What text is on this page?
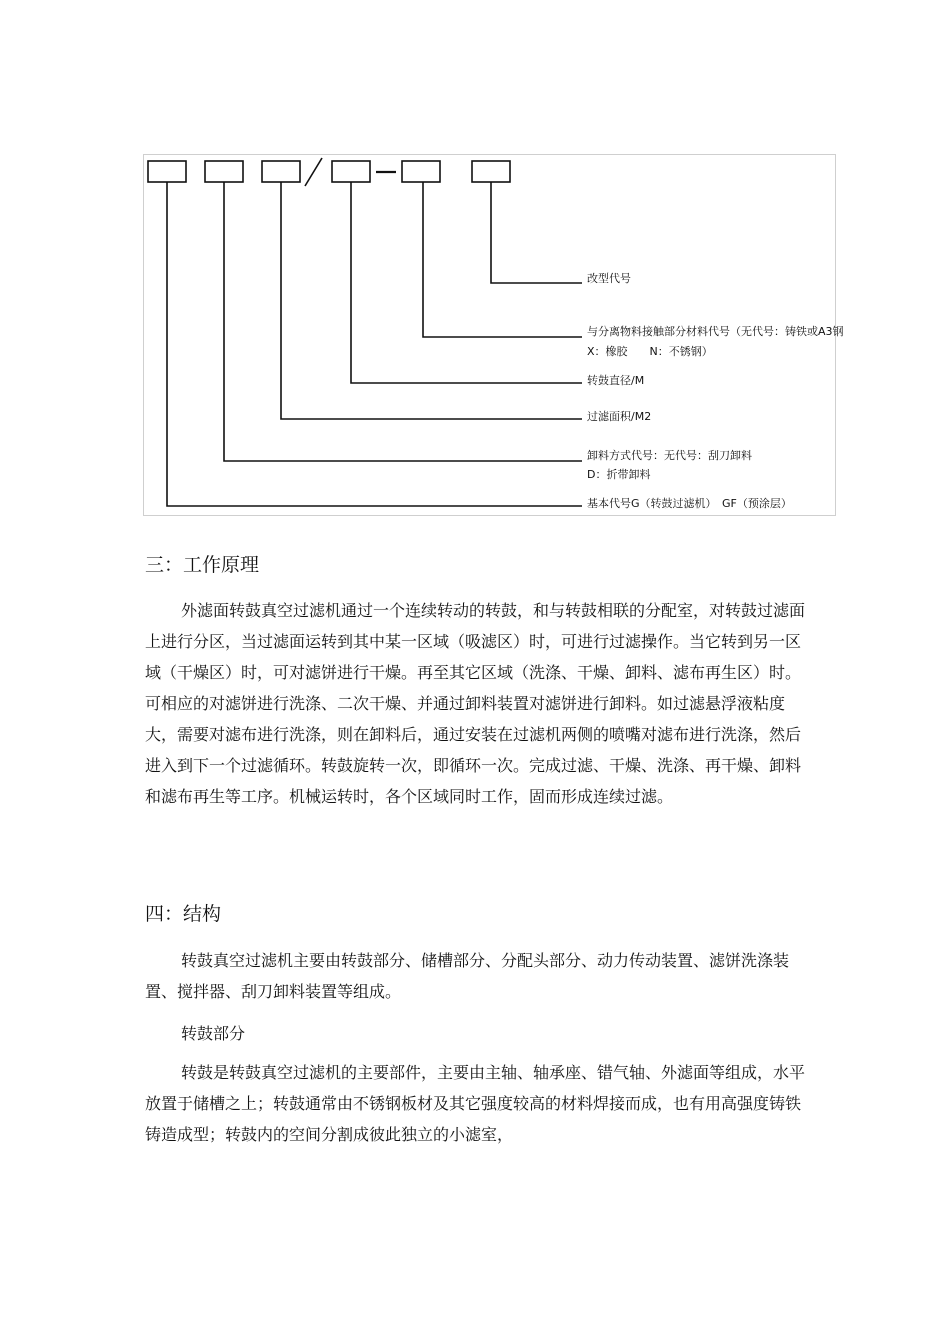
改型代号
与分离物料接触部分材料代号（无代号：铸铁或A3钢
X：橡胶　　N：不锈钢）
转鼓直径/M
过滤面积/M2
卸料方式代号：无代号：刮刀卸料
D：折带卸料
基本代号G（转鼓过滤机）　GF（预涂层）
三：工作原理

外滤面转鼓真空过滤机通过一个连续转动的转鼓，和与转鼓相联的分配室，对转鼓过滤面上进行分区，当过滤面运转到其中某一区域（吸滤区）时，可进行过滤操作。当它转到另一区域（干燥区）时，可对滤饼进行干燥。再至其它区域（洗涤、干燥、卸料、滤布再生区）时。可相应的对滤饼进行洗涤、二次干燥、并通过卸料装置对滤饼进行卸料。如过滤悬浮液粘度大，需要对滤布进行洗涤，则在卸料后，通过安装在过滤机两侧的喷嘴对滤布进行洗涤，然后进入到下一个过滤循环。转鼓旋转一次，即循环一次。完成过滤、干燥、洗涤、再干燥、卸料和滤布再生等工序。机械运转时，各个区域同时工作，固而形成连续过滤。

四：结构

转鼓真空过滤机主要由转鼓部分、储槽部分、分配头部分、动力传动装置、滤饼洗涤装置、搅拌器、刮刀卸料装置等组成。

转鼓部分

转鼓是转鼓真空过滤机的主要部件，主要由主轴、轴承座、错气轴、外滤面等组成，水平放置于储槽之上；转鼓通常由不锈钢板材及其它强度较高的材料焊接而成，也有用高强度铸铁铸造成型；转鼓内的空间分割成彼此独立的小滤室，
